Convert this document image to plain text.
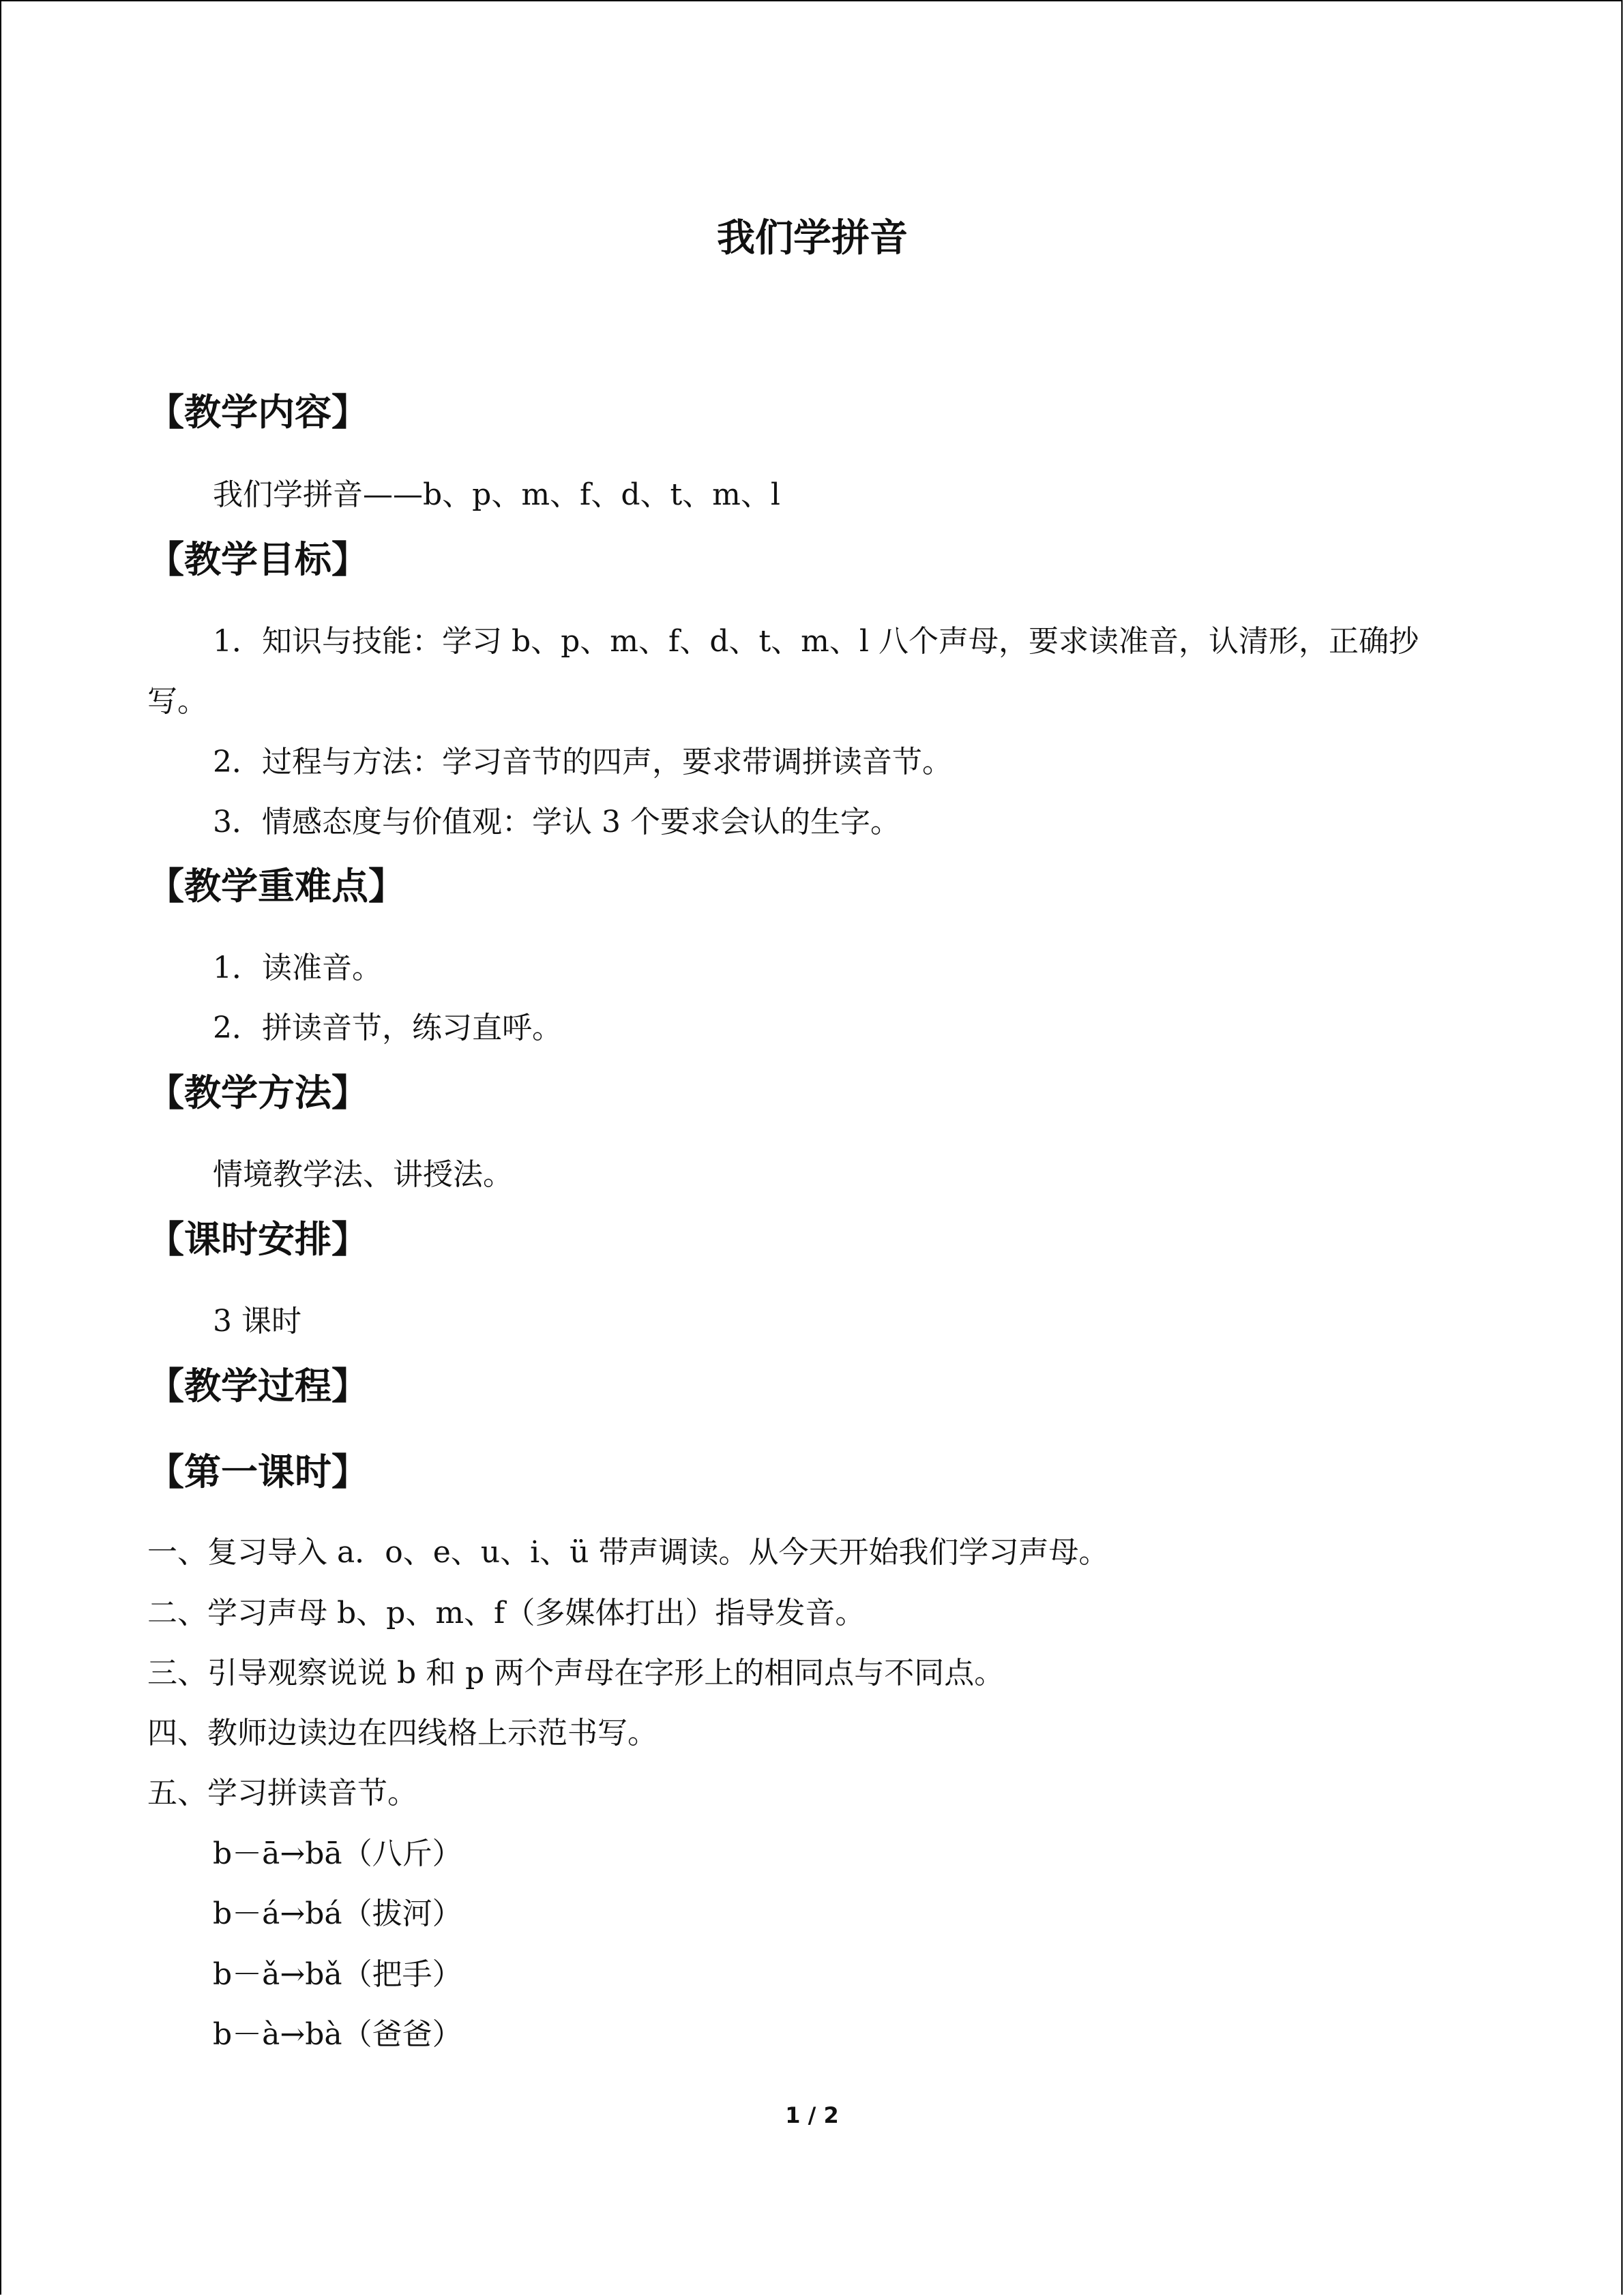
我们学拼音
【教学内容】

我们学拼音——b、p、m、f、d、t、m、l

【教学目标】

1．知识与技能：学习 b、p、m、f、d、t、m、l 八个声母，要求读准音，认清形，正确抄写。

2．过程与方法：学习音节的四声，要求带调拼读音节。

3．情感态度与价值观：学认 3 个要求会认的生字。

【教学重难点】

1．读准音。

2．拼读音节，练习直呼。

【教学方法】

情境教学法、讲授法。

【课时安排】

3 课时

【教学过程】
【第一课时】

一、复习导入 a．o、e、u、i、ü 带声调读。从今天开始我们学习声母。

二、学习声母 b、p、m、f（多媒体打出）指导发音。

三、引导观察说说 b 和 p 两个声母在字形上的相同点与不同点。

四、教师边读边在四线格上示范书写。

五、学习拼读音节。

b－ā→bā（八斤）

b－á→bá（拔河）

b－ǎ→bǎ（把手）

b－à→bà（爸爸）

1 / 2
